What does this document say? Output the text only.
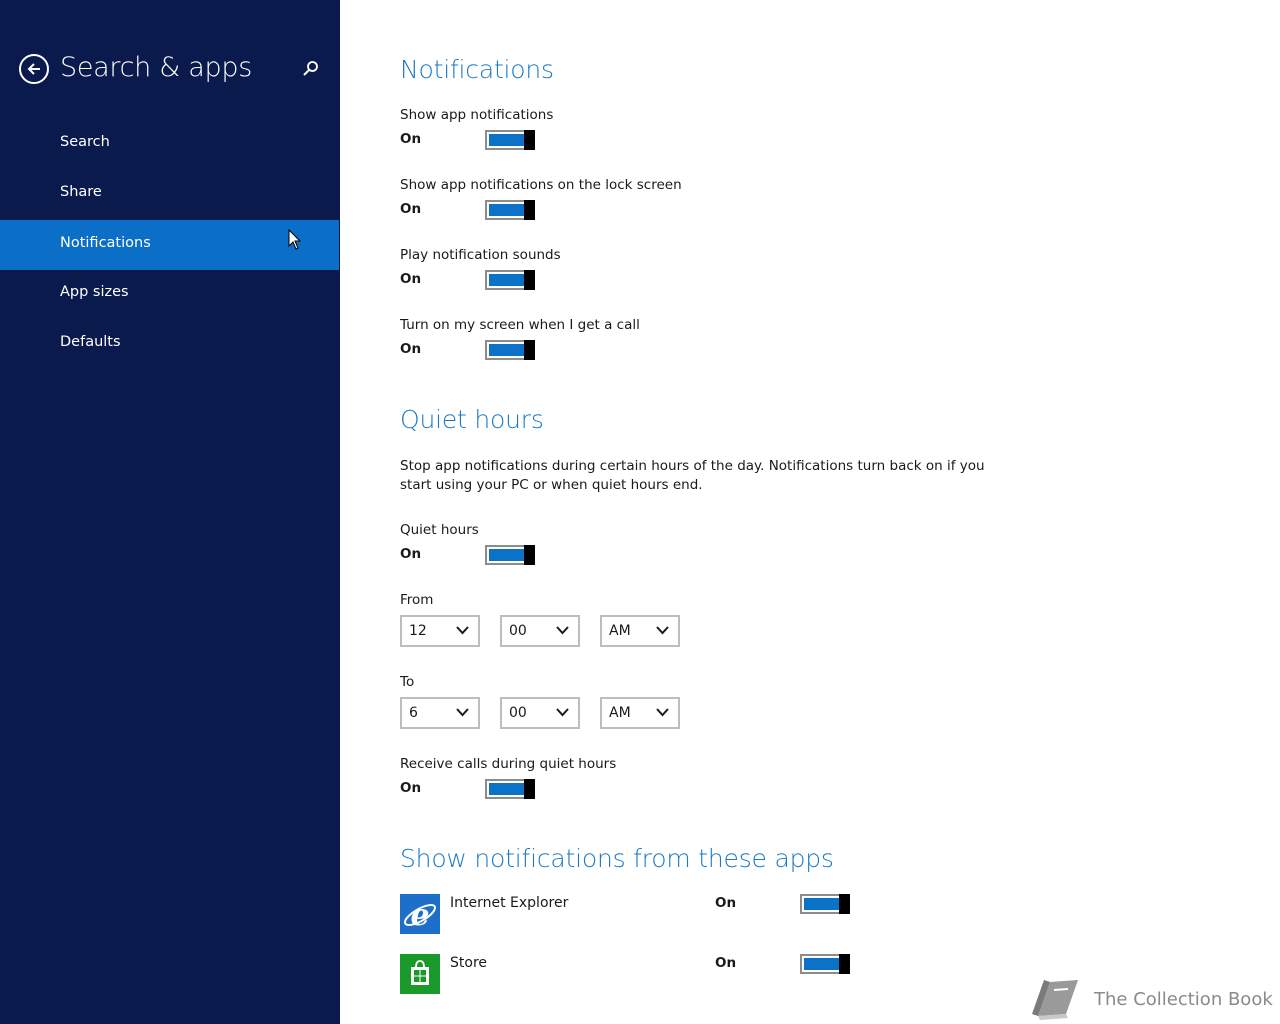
Search & apps
Search
Share
Notifications
App sizes
Defaults
Notifications
Show app notifications
On
Show app notifications on the lock screen
On
Play notification sounds
On
Turn on my screen when I get a call
On
Quiet hours
Stop app notifications during certain hours of the day. Notifications turn back on if you start using your PC or when quiet hours end.
Quiet hours
On
From
12	00	AM
To
6	00	AM
Receive calls during quiet hours
On
Show notifications from these apps
e Internet Explorer	On
Store	On
The Collection Book
